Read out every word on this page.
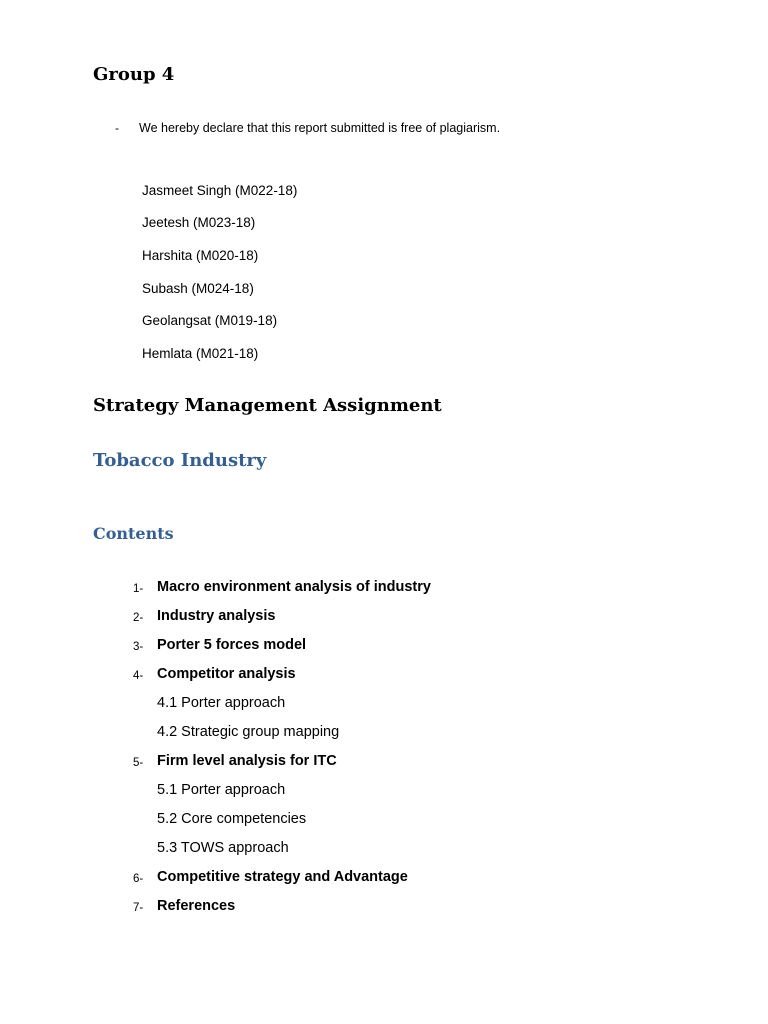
Group 4
- We hereby declare that this report submitted is free of plagiarism.
Jasmeet Singh (M022-18)
Jeetesh (M023-18)
Harshita (M020-18)
Subash (M024-18)
Geolangsat (M019-18)
Hemlata (M021-18)
Strategy Management Assignment
Tobacco Industry
Contents
1- Macro environment analysis of industry
2- Industry analysis
3- Porter 5 forces model
4- Competitor analysis
4.1 Porter approach
4.2 Strategic group mapping
5- Firm level analysis for ITC
5.1 Porter approach
5.2 Core competencies
5.3 TOWS approach
6- Competitive strategy and Advantage
7- References
